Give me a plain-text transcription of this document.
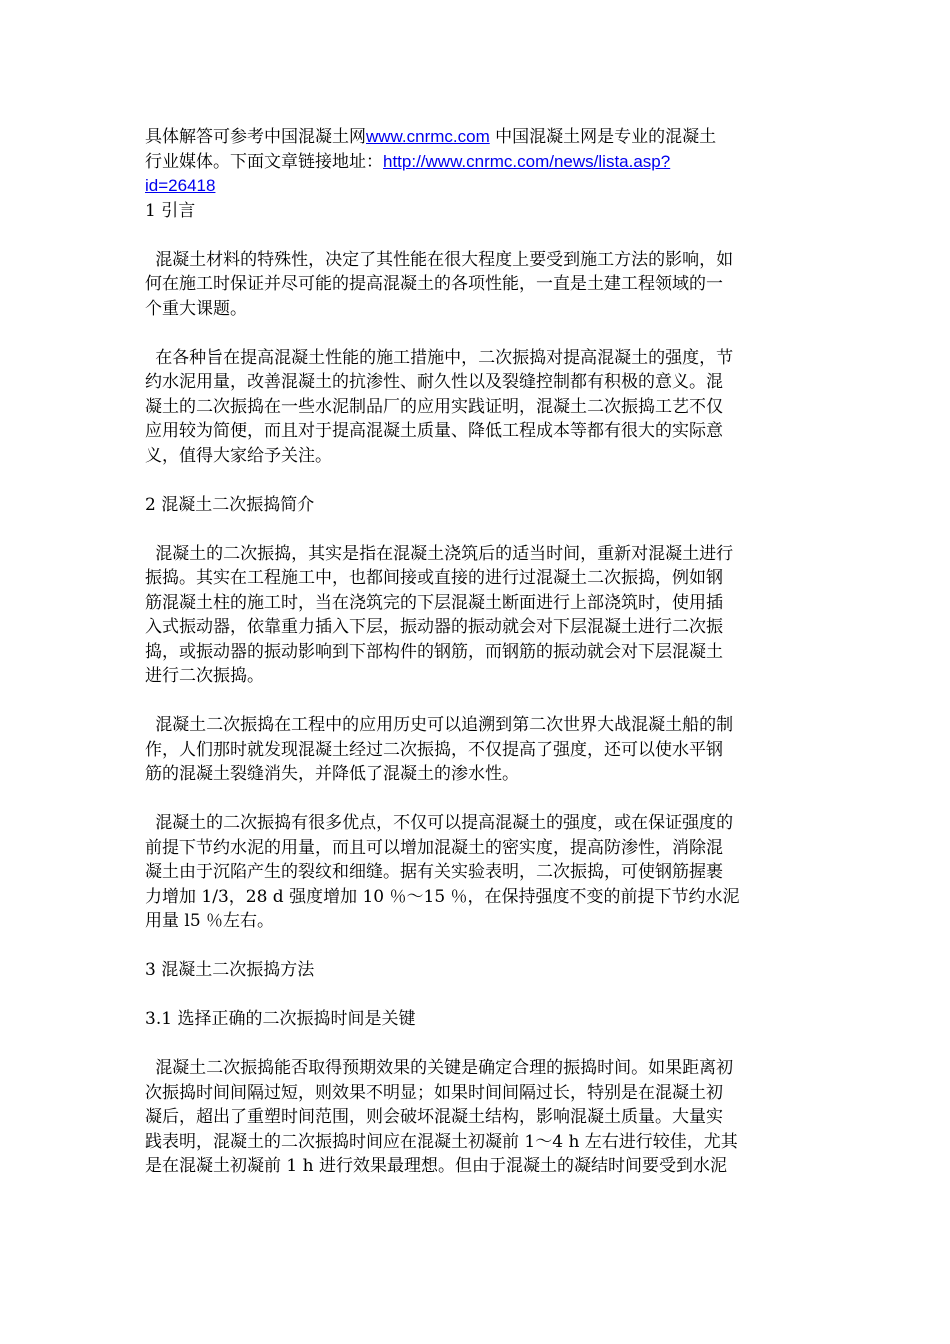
具体解答可参考中国混凝土网www.cnrmc.com 中国混凝土网是专业的混凝土
行业媒体。下面文章链接地址：http://www.cnrmc.com/news/lista.asp?
id=26418
1 引言
混凝土材料的特殊性，决定了其性能在很大程度上要受到施工方法的影响，如
何在施工时保证并尽可能的提高混凝土的各项性能，一直是土建工程领域的一
个重大课题。
在各种旨在提高混凝土性能的施工措施中，二次振捣对提高混凝土的强度，节
约水泥用量，改善混凝土的抗渗性、耐久性以及裂缝控制都有积极的意义。混
凝土的二次振捣在一些水泥制品厂的应用实践证明，混凝土二次振捣工艺不仅
应用较为简便，而且对于提高混凝土质量、降低工程成本等都有很大的实际意
义，值得大家给予关注。
2 混凝土二次振捣简介
混凝土的二次振捣，其实是指在混凝土浇筑后的适当时间，重新对混凝土进行
振捣。其实在工程施工中，也都间接或直接的进行过混凝土二次振捣，例如钢
筋混凝土柱的施工时，当在浇筑完的下层混凝土断面进行上部浇筑时，使用插
入式振动器，依靠重力插入下层，振动器的振动就会对下层混凝土进行二次振
捣，或振动器的振动影响到下部构件的钢筋，而钢筋的振动就会对下层混凝土
进行二次振捣。
混凝土二次振捣在工程中的应用历史可以追溯到第二次世界大战混凝土船的制
作，人们那时就发现混凝土经过二次振捣，不仅提高了强度，还可以使水平钢
筋的混凝土裂缝消失，并降低了混凝土的渗水性。
混凝土的二次振捣有很多优点，不仅可以提高混凝土的强度，或在保证强度的
前提下节约水泥的用量，而且可以增加混凝土的密实度，提高防渗性，消除混
凝土由于沉陷产生的裂纹和细缝。据有关实验表明，二次振捣，可使钢筋握裹
力增加 1/3，28 d 强度增加 10 ％～15 ％，在保持强度不变的前提下节约水泥
用量 l5 ％左右。
3 混凝土二次振捣方法
3.1 选择正确的二次振捣时间是关键
混凝土二次振捣能否取得预期效果的关键是确定合理的振捣时间。如果距离初
次振捣时间间隔过短，则效果不明显；如果时间间隔过长，特别是在混凝土初
凝后，超出了重塑时间范围，则会破坏混凝土结构，影响混凝土质量。大量实
践表明，混凝土的二次振捣时间应在混凝土初凝前 1～4 h 左右进行较佳，尤其
是在混凝土初凝前 1 h 进行效果最理想。但由于混凝土的凝结时间要受到水泥
